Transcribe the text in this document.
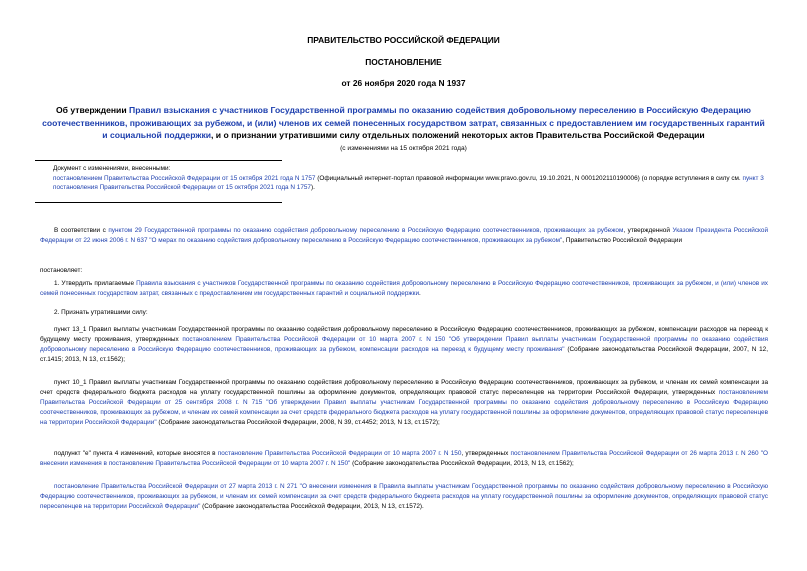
ПРАВИТЕЛЬСТВО РОССИЙСКОЙ ФЕДЕРАЦИИ
ПОСТАНОВЛЕНИЕ
от 26 ноября 2020 года N 1937
Об утверждении Правил взыскания с участников Государственной программы по оказанию содействия добровольному переселению в Российскую Федерацию соотечественников, проживающих за рубежом, и (или) членов их семей понесенных государством затрат, связанных с предоставлением им государственных гарантий и социальной поддержки, и о признании утратившими силу отдельных положений некоторых актов Правительства Российской Федерации
(с изменениями на 15 октября 2021 года)
Документ с изменениями, внесенными:
постановлением Правительства Российской Федерации от 15 октября 2021 года N 1757 (Официальный интернет-портал правовой информации www.pravo.gov.ru, 19.10.2021, N 0001202110190006) (о порядке вступления в силу см. пункт 3 постановления Правительства Российской Федерации от 15 октября 2021 года N 1757).
В соответствии с пунктом 29 Государственной программы по оказанию содействия добровольному переселению в Российскую Федерацию соотечественников, проживающих за рубежом, утвержденной Указом Президента Российской Федерации от 22 июня 2006 г. N 637 "О мерах по оказанию содействия добровольному переселению в Российскую Федерацию соотечественников, проживающих за рубежом", Правительство Российской Федерации
постановляет:
1. Утвердить прилагаемые Правила взыскания с участников Государственной программы по оказанию содействия добровольному переселению в Российскую Федерацию соотечественников, проживающих за рубежом, и (или) членов их семей понесенных государством затрат, связанных с предоставлением им государственных гарантий и социальной поддержки.
2. Признать утратившими силу:
пункт 13_1 Правил выплаты участникам Государственной программы по оказанию содействия добровольному переселению в Российскую Федерацию соотечественников, проживающих за рубежом, компенсации расходов на переезд к будущему месту проживания, утвержденных постановлением Правительства Российской Федерации от 10 марта 2007 г. N 150 "Об утверждении Правил выплаты участникам Государственной программы по оказанию содействия добровольному переселению в Российскую Федерацию соотечественников, проживающих за рубежом, компенсации расходов на переезд к будущему месту проживания" (Собрание законодательства Российской Федерации, 2007, N 12, ст.1415; 2013, N 13, ст.1562);
пункт 10_1 Правил выплаты участникам Государственной программы по оказанию содействия добровольному переселению в Российскую Федерацию соотечественников, проживающих за рубежом, и членам их семей компенсации за счет средств федерального бюджета расходов на уплату государственной пошлины за оформление документов, определяющих правовой статус переселенцев на территории Российской Федерации, утвержденных постановлением Правительства Российской Федерации от 25 сентября 2008 г. N 715 "Об утверждении Правил выплаты участникам Государственной программы по оказанию содействия добровольному переселению в Российскую Федерацию соотечественников, проживающих за рубежом, и членам их семей компенсации за счет средств федерального бюджета расходов на уплату государственной пошлины за оформление документов, определяющих правовой статус переселенцев на территории Российской Федерации" (Собрание законодательства Российской Федерации, 2008, N 39, ст.4452; 2013, N 13, ст.1572);
подпункт "е" пункта 4 изменений, которые вносятся в постановление Правительства Российской Федерации от 10 марта 2007 г. N 150, утвержденных постановлением Правительства Российской Федерации от 26 марта 2013 г. N 260 "О внесении изменения в постановление Правительства Российской Федерации от 10 марта 2007 г. N 150" (Собрание законодательства Российской Федерации, 2013, N 13, ст.1562);
постановление Правительства Российской Федерации от 27 марта 2013 г. N 271 "О внесении изменения в Правила выплаты участникам Государственной программы по оказанию содействия добровольному переселению в Российскую Федерацию соотечественников, проживающих за рубежом, и членам их семей компенсации за счет средств федерального бюджета расходов на уплату государственной пошлины за оформление документов, определяющих правовой статус переселенцев на территории Российской Федерации" (Собрание законодательства Российской Федерации, 2013, N 13, ст.1572).
